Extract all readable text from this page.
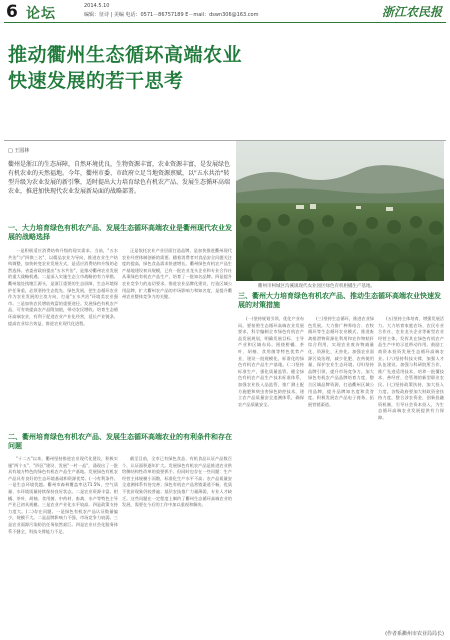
6 论坛	2014.5.10
编辑：征诗 | 美编 电话：0571－86757189 E－mail：dswn306@163.com	浙江农民报
推动衢州生态循环高端农业
快速发展的若干思考
□ 王国林
衢州是浙江的生态屏障，自然环境优良，生物资源丰富，农业资源丰富，是发展绿色有机农业的天然福地。今年，衢州市委、市政府立足当地资源禀赋，以"五水共治"转型升级为农业发展的新引擎，适时提出大力培育绿色有机农产品、发展生态循环高端农业，推进加快现代农业发展新局面的战略部署。
衢州市柯城区沟溪镇现代农业园区绿色有机柑橘生产基地。
一、大力培育绿色有机农产品、发展生态循环高端农业是衢州现代农业发展的战略选择

一是积极适应消费结构升级的现实需求。当前，"五水共治"与"四换三名"，以精品农业为导向，推进农业生产结构调整，加快转变农业发展方式，是适应消费结构升级的必然选择。省委省政府提出"五水共治"，是推动衢州农业发展的重大战略机遇。二是深入实施生态立市战略的有力举措。衢州地处钱塘江源头，是浙江重要的生态屏障，生态环境保护任务重，必须坚持生态优先、绿色发展，把生态循环农业作为农业发展的主攻方向，打造"五水共治"环境美农业强市。三是加快农民增收致富的重要途径。发展绿色有机农产品，可有效提高农产品附加值，带动农民增收。培育生态循环高端农业，有利于促进农业产业化经营，延长产业链条，提高农业综合效益，推进农业现代化进程。

正是依托农业产业层面打造品牌，是加快推进衢州现代农业经营体制创新的需要。随着消费者对食品安全问题关注度的提高，绿色食品需求快速增长。衢州绿色有机农产品生产基地建设初具规模，已有一批农业龙头企业和专业合作社从事绿色有机农产品生产，培育了一批知名品牌。四是提升农业竞争力的迫切要求。推进农业品牌化建设，打造区域公用品牌，扩大衢州农产品的市场影响力和知名度，是提升衢州农业整体竞争力的关键。

二、衢州培育绿色有机农产品、发展生态循环高端农业的有利条件和存在问题

"十二五"以来，衢州坚持推进农业现代化建设，积极实施"两个五"、"四区"建设、发展"一村一品"，涌现出了一批具有地方特色的绿色有机农产品生产基地。发展绿色有机农产品具有良好的生态环境基础和资源优势。(一)有利条件。一是生态环境优越。衢州市森林覆盖率达71.5%，空气质量、水环境质量持续保持良好状态。二是农业资源丰富。柑橘、茶叶、胡柚、食用菌、中药材、畜禽、水产等特色主导产业已初具规模。三是农业产业化水平较高。四是政策支持力度大。(二)存在问题。一是绿色有机农产品认证数量偏少，规模不大。二是品牌影响力不强，市场竞争力较弱。三是农业面源污染防治任务依然艰巨。四是农业社会化服务体系不健全，科技支撑能力不足。

截至目前，全市已有绿色食品、有机食品认证产品数百个，认证面积逐年扩大。发展绿色有机农产品是推进农业供给侧结构性改革的重要抓手。但同时也存在一些问题：生产经营主体规模小而散，标准化生产水平不高；农产品质量安全追溯体系有待完善；绿色有机农产品营销渠道不畅，优质不优价现象仍较普遍；基层农技推广力量薄弱，专业人才缺乏。这些问题在一定程度上制约了衢州生态循环高端农业的发展，需要在今后的工作中加以重视和解决。

三、衢州大力培育绿色有机农产品、推动生态循环高端农业快速发展的对策措施

(一)坚持规划引领，优化产业布局。要按照生态循环高端农业发展要求，科学编制全市绿色有机农产品发展规划，明确发展目标、主导产业和区域布局。围绕柑橘、茶叶、胡柚、食用菌等特色优势产业，建设一批规模化、标准化的绿色有机农产品生产基地。(二)坚持标准生产，强化质量监管。健全绿色有机农产品生产技术标准体系，加强农业投入品监管，推广测土配方施肥和病虫害绿色防控技术，建立农产品质量安全追溯体系，确保农产品质量安全。

(三)坚持生态循环，推进农业绿色发展。大力推广种养结合、农牧循环等生态循环农业模式，推进畜禽排泄物资源化利用和农作物秸秆综合利用，实现农业废弃物减量化、资源化、无害化。加强农业面源污染治理，减少化肥、农药使用量，保护农业生态环境。(四)坚持品牌引领，提升市场竞争力。加大绿色有机农产品品牌培育力度，整合区域品牌资源，打造衢州区域公用品牌，提升品牌知名度和美誉度。积极发展农产品电子商务，拓展营销渠道。

(五)坚持主体培育，增强发展活力。大力培育家庭农场、农民专业合作社、农业龙头企业等新型农业经营主体，发挥其在绿色有机农产品生产中的示范带动作用。鼓励工商资本投资发展生态循环高端农业。(六)坚持科技支撑，加强人才队伍建设。加强与科研院所合作，推广先进适用技术，培养一批懂技术、善经营、会管理的新型职业农民。(七)坚持政策扶持，加大投入力度。各级政府要加大财政资金扶持力度，整合涉农资金，创新投融资机制，引导社会资本投入，为生态循环高端农业发展提供有力保障。

(作者系衢州市农业局局长)
